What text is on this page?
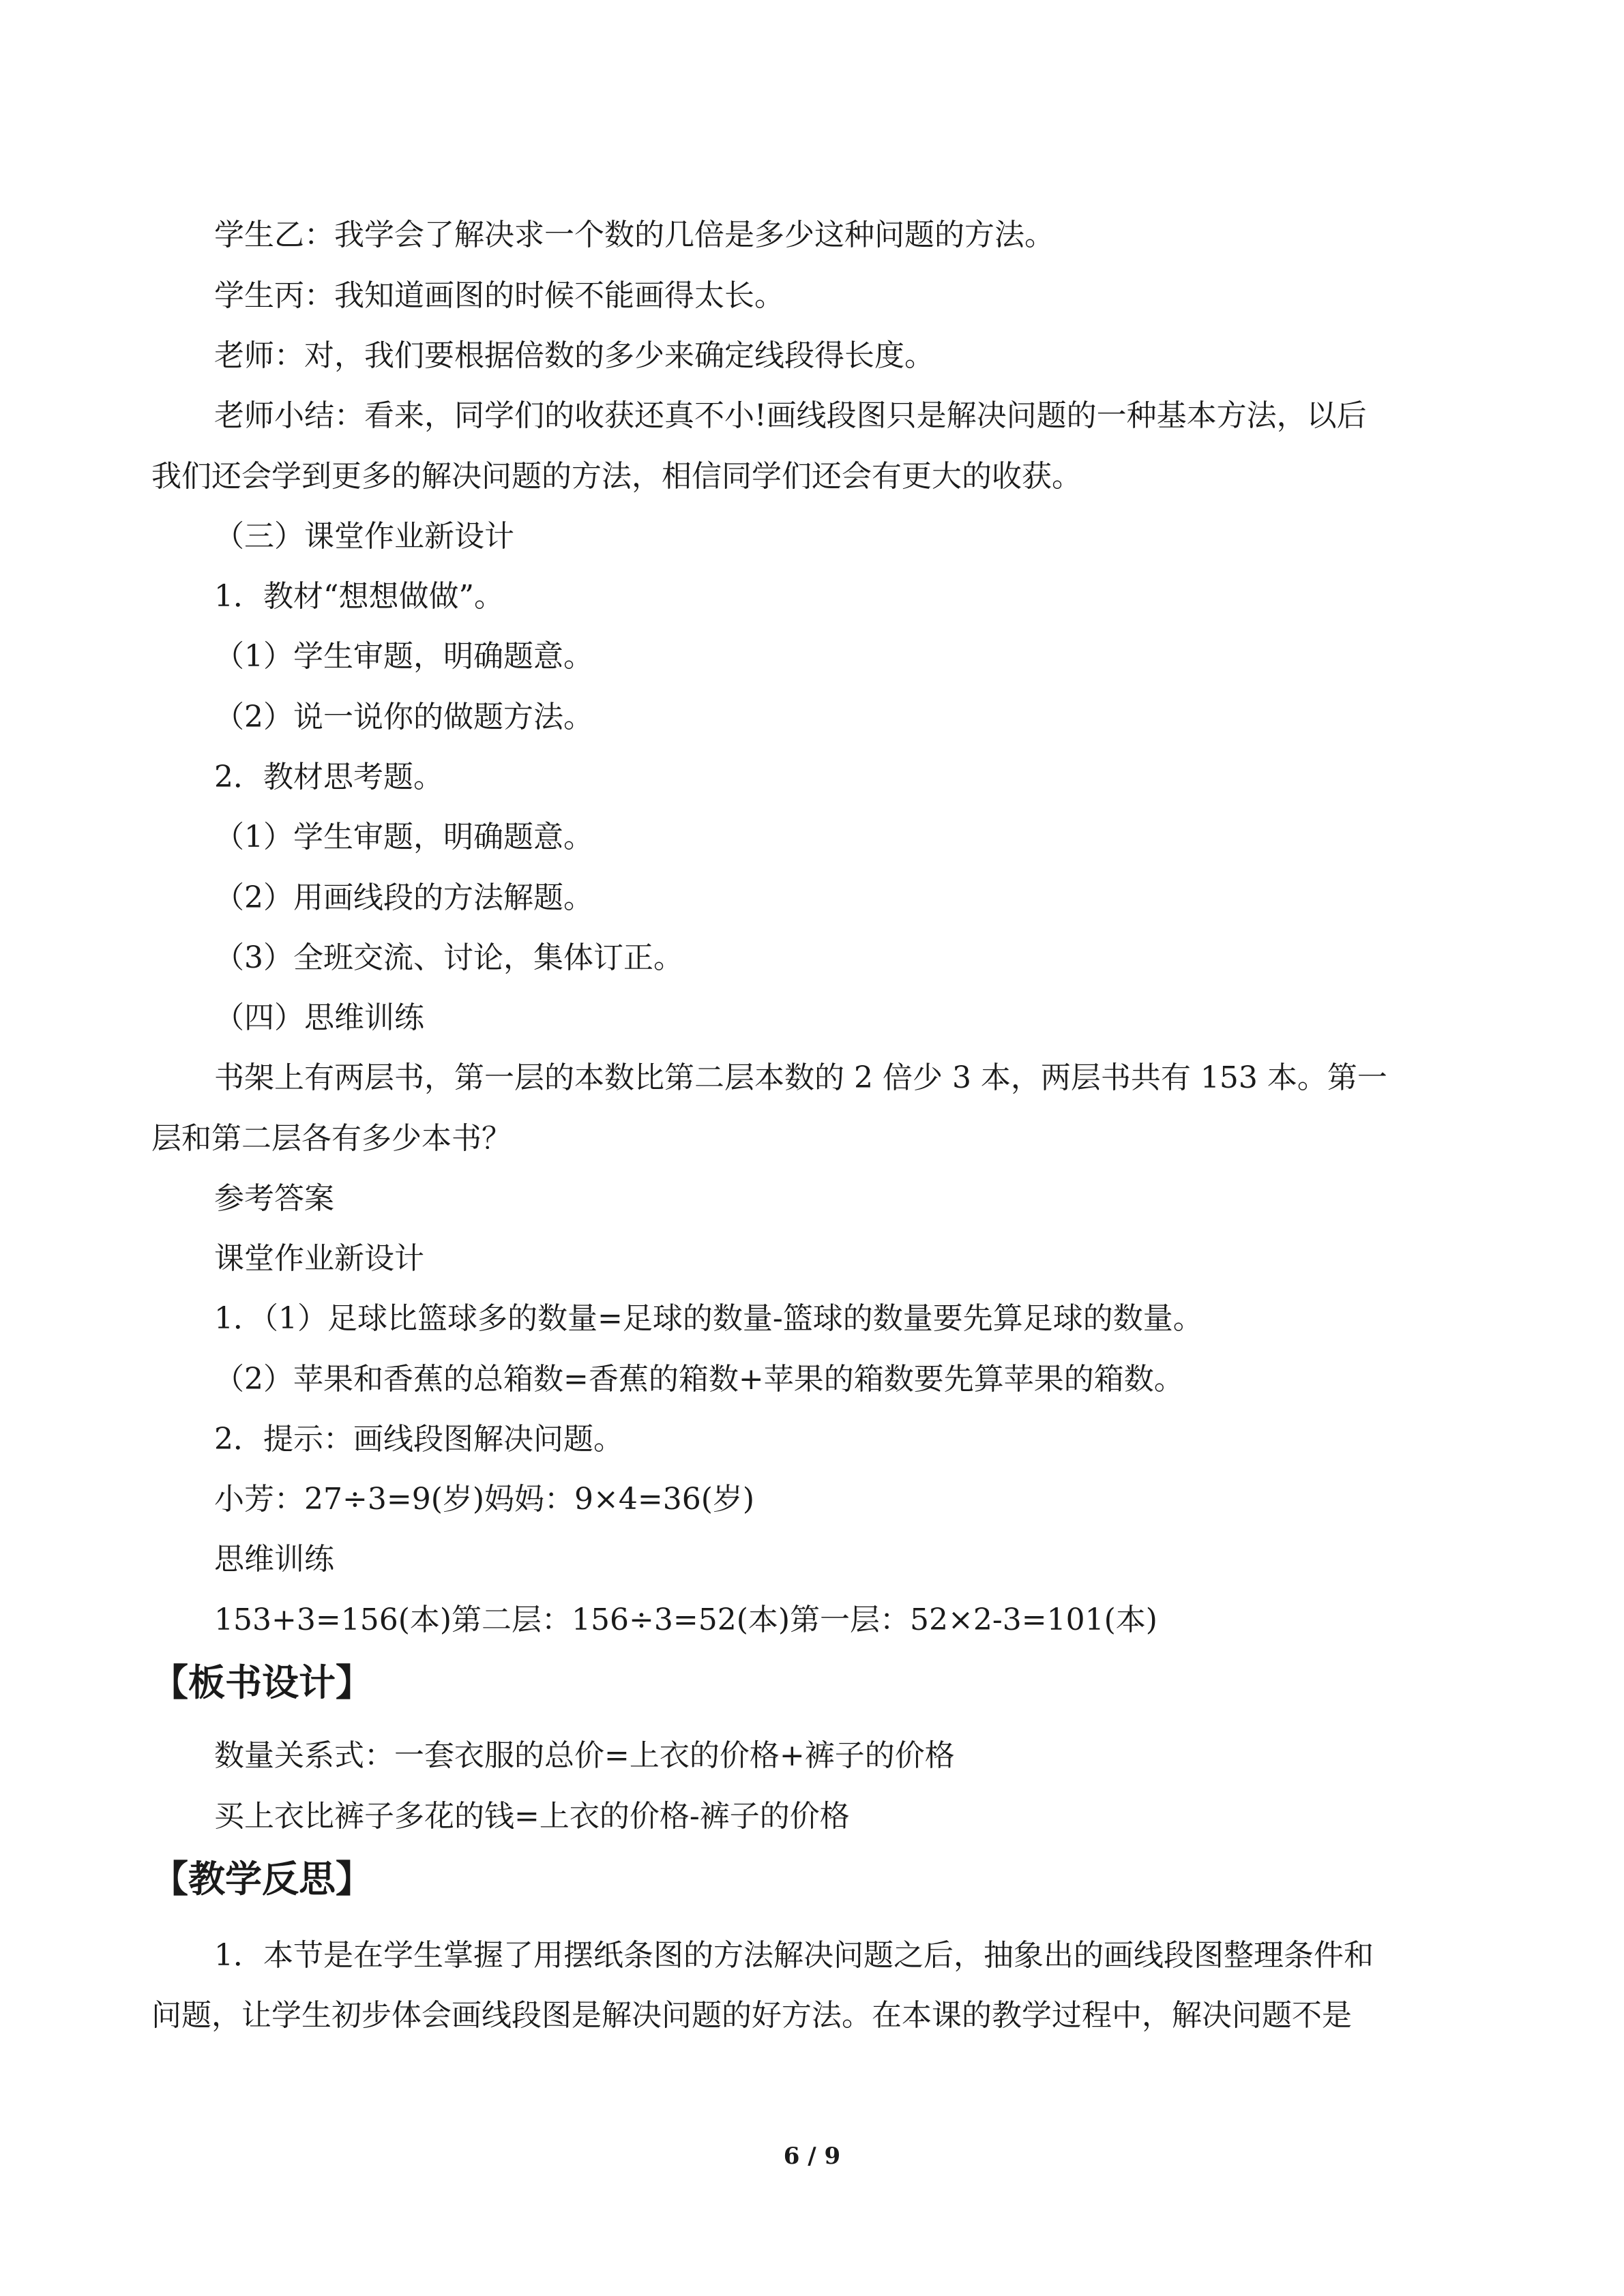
学生乙：我学会了解决求一个数的几倍是多少这种问题的方法。
学生丙：我知道画图的时候不能画得太长。
老师：对，我们要根据倍数的多少来确定线段得长度。
老师小结：看来，同学们的收获还真不小!画线段图只是解决问题的一种基本方法，以后
我们还会学到更多的解决问题的方法，相信同学们还会有更大的收获。
（三）课堂作业新设计
1．教材“想想做做”。
（1）学生审题，明确题意。
（2）说一说你的做题方法。
2．教材思考题。
（1）学生审题，明确题意。
（2）用画线段的方法解题。
（3）全班交流、讨论，集体订正。
（四）思维训练
书架上有两层书，第一层的本数比第二层本数的 2 倍少 3 本，两层书共有 153 本。第一
层和第二层各有多少本书？
参考答案
课堂作业新设计
1．（1）足球比篮球多的数量=足球的数量-篮球的数量要先算足球的数量。
（2）苹果和香蕉的总箱数=香蕉的箱数+苹果的箱数要先算苹果的箱数。
2．提示：画线段图解决问题。
小芳：27÷3=9(岁)妈妈：9×4=36(岁)
思维训练
153+3=156(本)第二层：156÷3=52(本)第一层：52×2-3=101(本)
【板书设计】
数量关系式：一套衣服的总价=上衣的价格+裤子的价格
买上衣比裤子多花的钱=上衣的价格-裤子的价格
【教学反思】
1．本节是在学生掌握了用摆纸条图的方法解决问题之后，抽象出的画线段图整理条件和
问题，让学生初步体会画线段图是解决问题的好方法。在本课的教学过程中，解决问题不是
6 / 9
